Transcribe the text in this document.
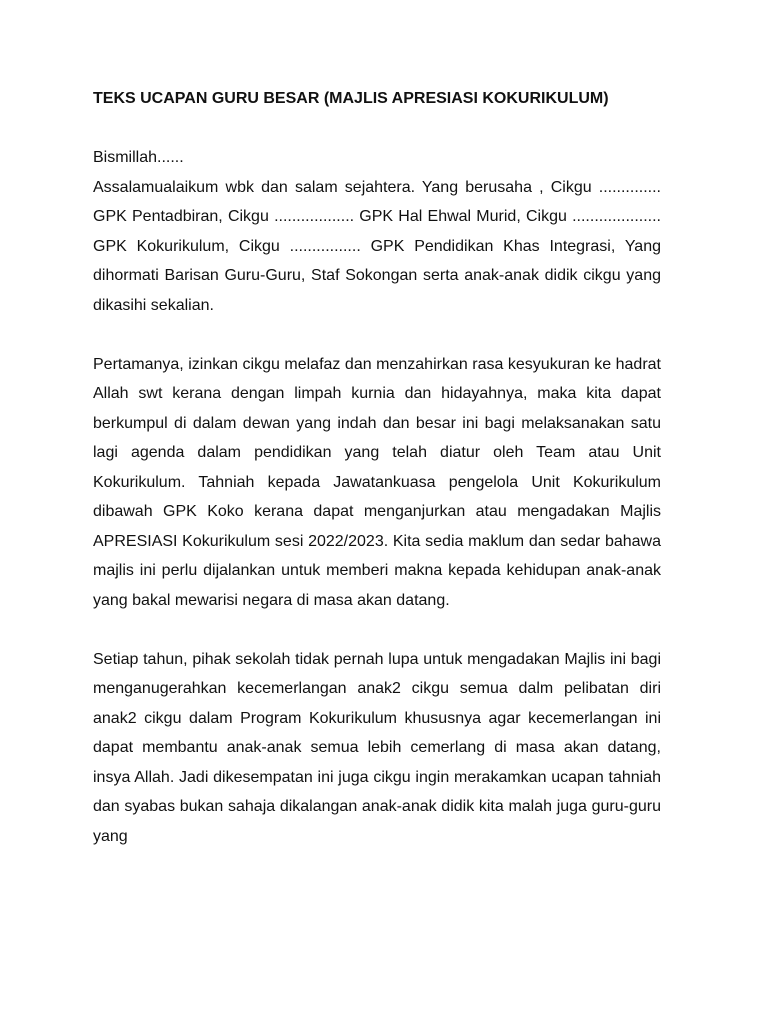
TEKS UCAPAN GURU BESAR (MAJLIS APRESIASI KOKURIKULUM)

Bismillah......

Assalamualaikum wbk dan salam sejahtera. Yang berusaha , Cikgu .............. GPK Pentadbiran, Cikgu .................. GPK Hal Ehwal Murid, Cikgu .................... GPK Kokurikulum, Cikgu ................ GPK Pendidikan Khas Integrasi, Yang dihormati Barisan Guru-Guru, Staf Sokongan serta anak-anak didik cikgu yang dikasihi sekalian.

Pertamanya, izinkan cikgu melafaz dan menzahirkan rasa kesyukuran ke hadrat Allah swt kerana dengan limpah kurnia dan hidayahnya, maka kita dapat berkumpul di dalam dewan yang indah dan besar ini bagi melaksanakan satu lagi agenda dalam pendidikan yang telah diatur oleh Team atau Unit Kokurikulum. Tahniah kepada Jawatankuasa pengelola Unit Kokurikulum dibawah GPK Koko kerana dapat menganjurkan atau mengadakan Majlis APRESIASI Kokurikulum sesi 2022/2023. Kita sedia maklum dan sedar bahawa majlis ini perlu dijalankan untuk memberi makna kepada kehidupan anak-anak yang bakal mewarisi negara di masa akan datang.

Setiap tahun, pihak sekolah tidak pernah lupa untuk mengadakan Majlis ini bagi menganugerahkan kecemerlangan anak2 cikgu semua dalm pelibatan diri anak2 cikgu dalam Program Kokurikulum khususnya agar kecemerlangan ini dapat membantu anak-anak semua lebih cemerlang di masa akan datang, insya Allah. Jadi dikesempatan ini juga cikgu ingin merakamkan ucapan tahniah dan syabas bukan sahaja dikalangan anak-anak didik kita malah juga guru-guru yang
